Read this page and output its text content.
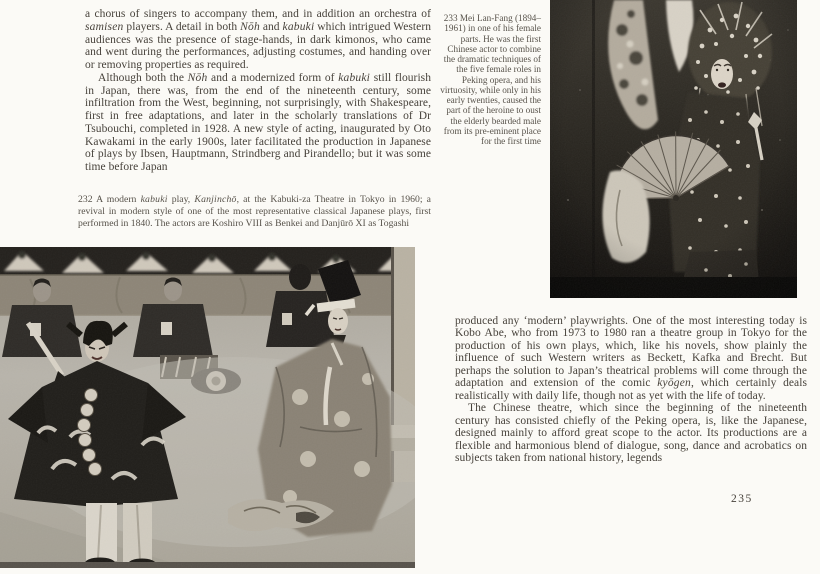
a chorus of singers to accompany them, and in addition an orchestra of samisen players. A detail in both Nōh and kabuki which intrigued Western audiences was the presence of stage-hands, in dark kimonos, who came and went during the performances, adjusting costumes, and handing over or removing properties as required.

Although both the Nōh and a modernized form of kabuki still flourish in Japan, there was, from the end of the nineteenth century, some infiltration from the West, beginning, not surprisingly, with Shakespeare, first in free adaptations, and later in the scholarly translations of Dr Tsubouchi, completed in 1928. A new style of acting, inaugurated by Oto Kawakami in the early 1900s, later facilitated the production in Japanese of plays by Ibsen, Hauptmann, Strindberg and Pirandello; but it was some time before Japan

232 A modern kabuki play, Kanjinchō, at the Kabuki-za Theatre in Tokyo in 1960; a revival in modern style of one of the most representative classical Japanese plays, first performed in 1840. The actors are Koshiro VIII as Benkei and Danjūrō XI as Togashi

233 Mei Lan-Fang (1894–1961) in one of his female parts. He was the first Chinese actor to combine the dramatic techniques of the five female roles in Peking opera, and his virtuosity, while only in his early twenties, caused the part of the heroine to oust the elderly bearded male from its pre-eminent place for the first time

produced any ‘modern’ playwrights. One of the most interesting today is Kobo Abe, who from 1973 to 1980 ran a theatre group in Tokyo for the production of his own plays, which, like his novels, show plainly the influence of such Western writers as Beckett, Kafka and Brecht. But perhaps the solution to Japan’s theatrical problems will come through the adaptation and extension of the comic kyōgen, which certainly deals realistically with daily life, though not as yet with the life of today.

The Chinese theatre, which since the beginning of the nineteenth century has consisted chiefly of the Peking opera, is, like the Japanese, designed mainly to afford great scope to the actor. Its productions are a flexible and harmonious blend of dialogue, song, dance and acrobatics on subjects taken from national history, legends

235
